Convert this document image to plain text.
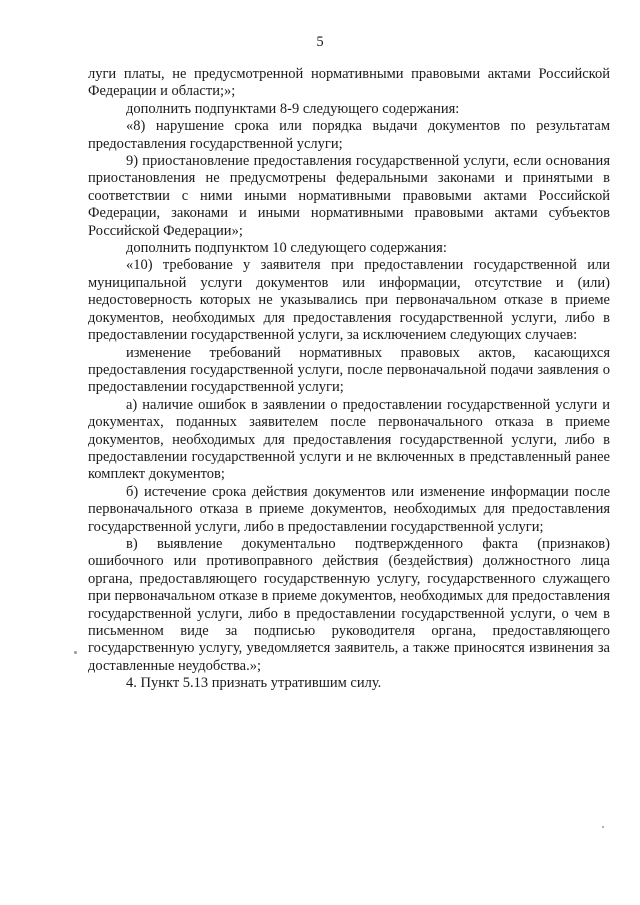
5

луги платы, не предусмотренной нормативными правовыми актами Российской Федерации и области;»;

дополнить подпунктами 8-9 следующего содержания:

«8) нарушение срока или порядка выдачи документов по результатам предоставления государственной услуги;

9) приостановление предоставления государственной услуги, если основания приостановления не предусмотрены федеральными законами и принятыми в соответствии с ними иными нормативными правовыми актами Российской Федерации, законами и иными нормативными правовыми актами субъектов Российской Федерации»;

дополнить подпунктом 10 следующего содержания:

«10) требование у заявителя при предоставлении государственной или муниципальной услуги документов или информации, отсутствие и (или) недостоверность которых не указывались при первоначальном отказе в приеме документов, необходимых для предоставления государственной услуги, либо в предоставлении государственной услуги, за исключением следующих случаев:

изменение требований нормативных правовых актов, касающихся предоставления государственной услуги, после первоначальной подачи заявления о предоставлении государственной услуги;

а) наличие ошибок в заявлении о предоставлении государственной услуги и документах, поданных заявителем после первоначального отказа в приеме документов, необходимых для предоставления государственной услуги, либо в предоставлении государственной услуги и не включенных в представленный ранее комплект документов;

б) истечение срока действия документов или изменение информации после первоначального отказа в приеме документов, необходимых для предоставления государственной услуги, либо в предоставлении государственной услуги;

в) выявление документально подтвержденного факта (признаков) ошибочного или противоправного действия (бездействия) должностного лица органа, предоставляющего государственную услугу, государственного служащего при первоначальном отказе в приеме документов, необходимых для предоставления государственной услуги, либо в предоставлении государственной услуги, о чем в письменном виде за подписью руководителя органа, предоставляющего государственную услугу, уведомляется заявитель, а также приносятся извинения за доставленные неудобства.»;

4. Пункт 5.13 признать утратившим силу.
